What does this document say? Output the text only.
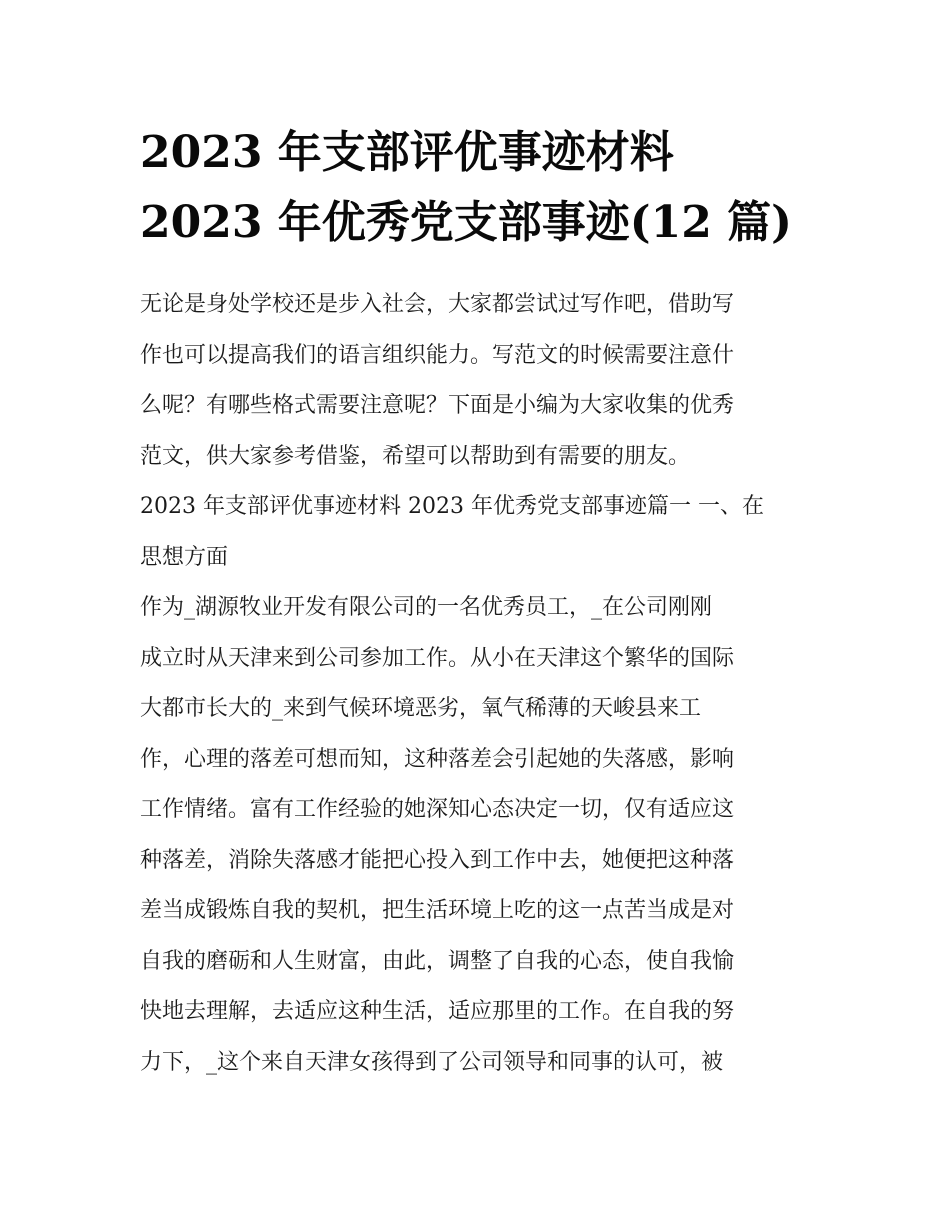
2023 年支部评优事迹材料
2023 年优秀党支部事迹(12 篇)
无论是身处学校还是步入社会，大家都尝试过写作吧，借助写
作也可以提高我们的语言组织能力。写范文的时候需要注意什
么呢？有哪些格式需要注意呢？下面是小编为大家收集的优秀
范文，供大家参考借鉴，希望可以帮助到有需要的朋友。
2023 年支部评优事迹材料 2023 年优秀党支部事迹篇一 一、在
思想方面
作为_湖源牧业开发有限公司的一名优秀员工，_在公司刚刚
成立时从天津来到公司参加工作。从小在天津这个繁华的国际
大都市长大的_来到气候环境恶劣，氧气稀薄的天峻县来工
作，心理的落差可想而知，这种落差会引起她的失落感，影响
工作情绪。富有工作经验的她深知心态决定一切，仅有适应这
种落差，消除失落感才能把心投入到工作中去，她便把这种落
差当成锻炼自我的契机，把生活环境上吃的这一点苦当成是对
自我的磨砺和人生财富，由此，调整了自我的心态，使自我愉
快地去理解，去适应这种生活，适应那里的工作。在自我的努
力下，_这个来自天津女孩得到了公司领导和同事的认可，被
